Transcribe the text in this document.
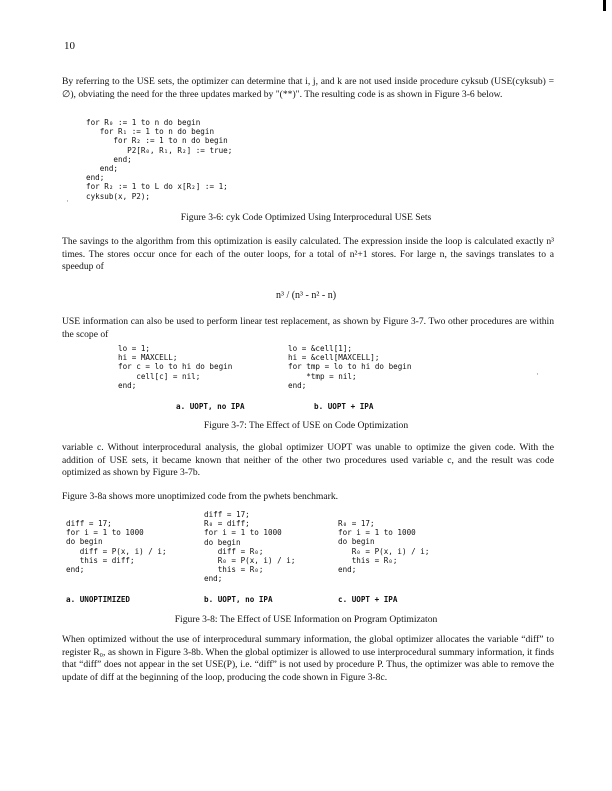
10

By referring to the USE sets, the optimizer can determine that i, j, and k are not used inside procedure cyksub (USE(cyksub) = ∅), obviating the need for the three updates marked by "(**)". The resulting code is as shown in Figure 3-6 below.

for R₀ := 1 to n do begin
for R₁ := 1 to n do begin
for R₂ := 1 to n do begin
P2[R₀, R₁, R₂] := true;
end;
end;
end;
for R₂ := 1 to L do x[R₂] := 1;
cyksub(x, P2);
·
Figure 3-6: cyk Code Optimized Using Interprocedural USE Sets

The savings to the algorithm from this optimization is easily calculated. The expression inside the loop is calculated exactly n³ times. The stores occur once for each of the outer loops, for a total of n²+1 stores. For large n, the savings translates to a speedup of

n³ / (n³ - n² - n)

USE information can also be used to perform linear test replacement, as shown by Figure 3-7. Two other procedures are within the scope of

lo = 1;
hi = MAXCELL;
for c = lo to hi do begin
cell[c] = nil;
end;
lo = &cell[1];
hi = &cell[MAXCELL];
for tmp = lo to hi do begin
*tmp = nil;
end;
·
a. UOPT, no IPA	b. UOPT + IPA
Figure 3-7: The Effect of USE on Code Optimization

variable c. Without interprocedural analysis, the global optimizer UOPT was unable to optimize the given code. With the addition of USE sets, it became known that neither of the other two procedures used variable c, and the result was code optimized as shown by Figure 3-7b.

Figure 3-8a shows more unoptimized code from the pwhets benchmark.

diff = 17;
for i = 1 to 1000
do begin
diff = P(x, i) / i;
this = diff;
end;
diff = 17;
R₀ = diff;
for i = 1 to 1000
do begin
diff = R₀;
R₀ = P(x, i) / i;
this = R₀;
end;
R₀ = 17;
for i = 1 to 1000
do begin
R₀ = P(x, i) / i;
this = R₀;
end;
a. UNOPTIMIZED	b. UOPT, no IPA	c. UOPT + IPA
Figure 3-8: The Effect of USE Information on Program Optimizaton

When optimized without the use of interprocedural summary information, the global optimizer allocates the variable “diff” to register R₀, as shown in Figure 3-8b. When the global optimizer is allowed to use interprocedural summary information, it finds that “diff” does not appear in the set USE(P), i.e. “diff” is not used by procedure P. Thus, the optimizer was able to remove the update of diff at the beginning of the loop, producing the code shown in Figure 3-8c.
